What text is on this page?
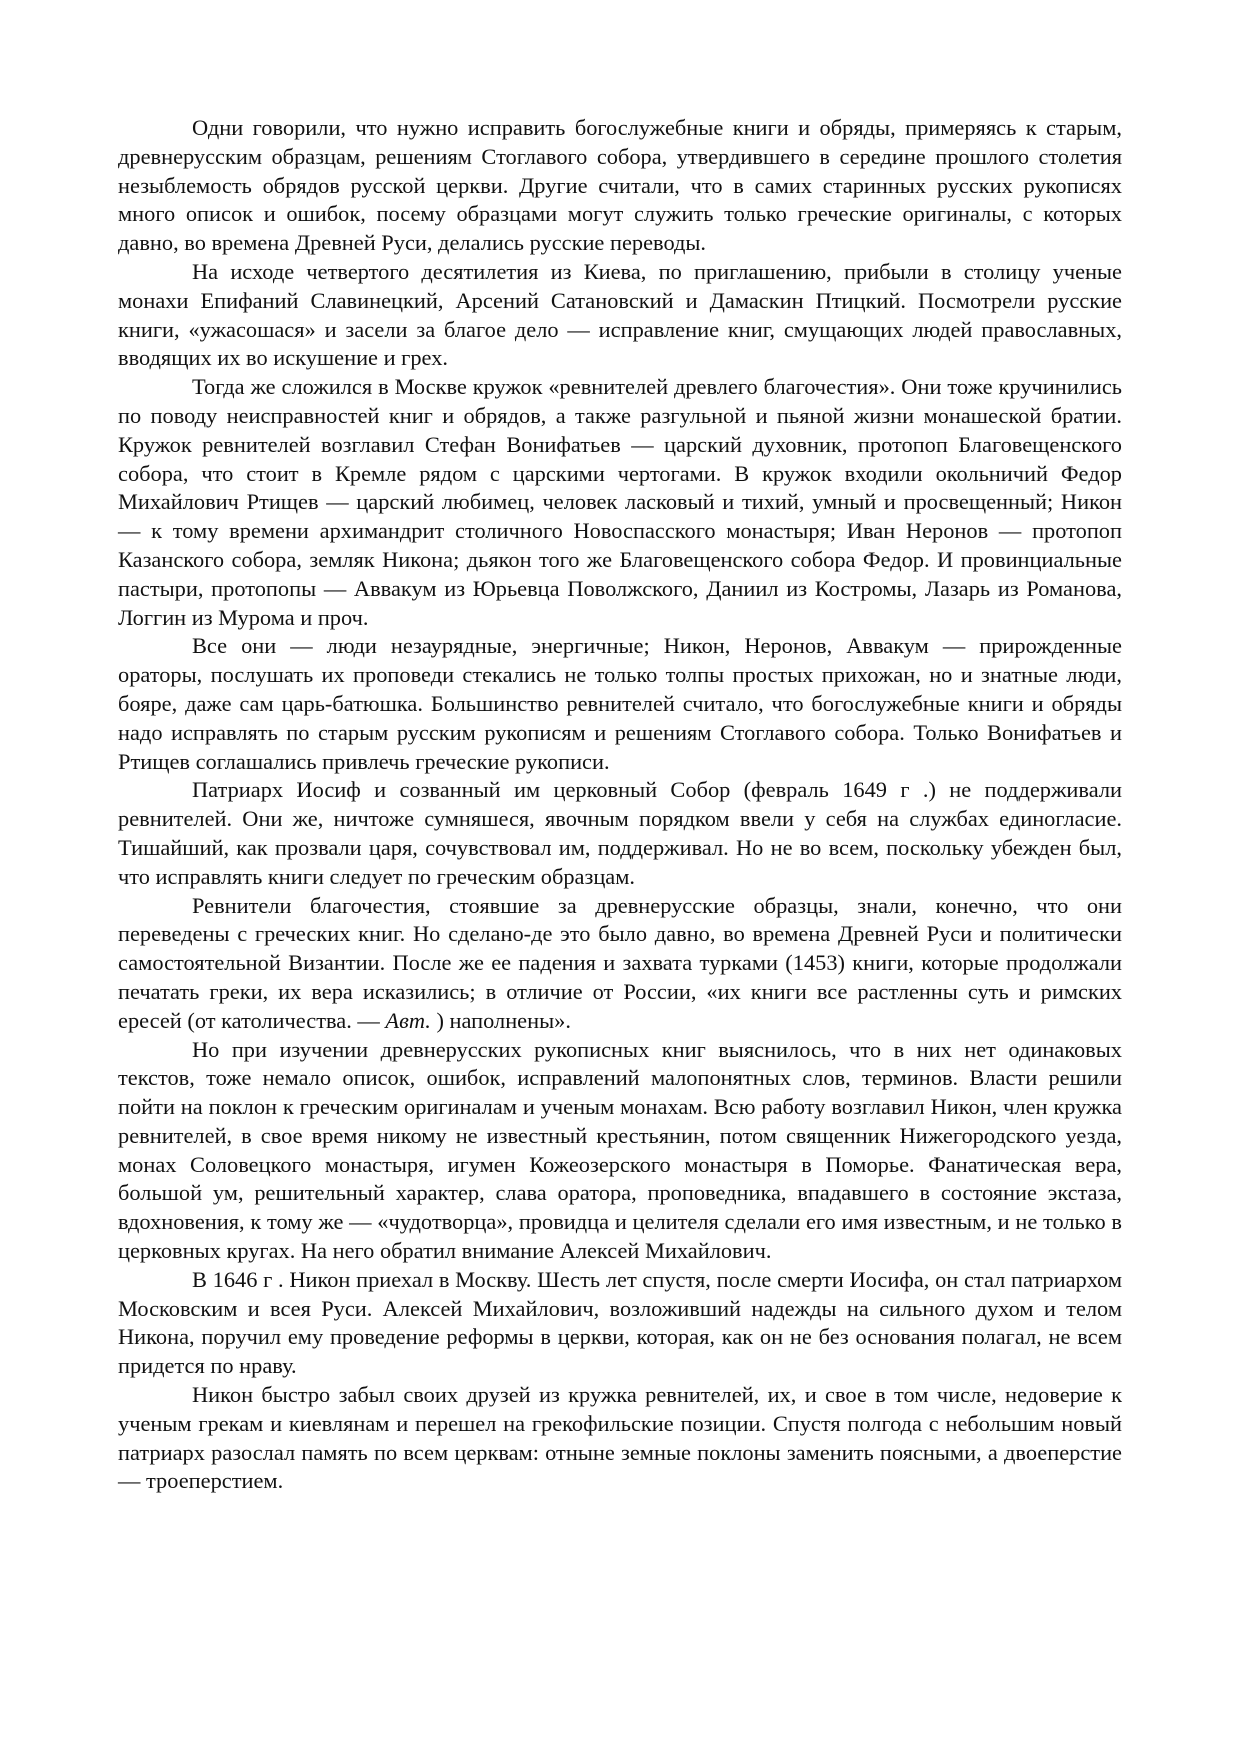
Одни говорили, что нужно исправить богослужебные книги и обряды, примеряясь к старым, древнерусским образцам, решениям Стоглавого собора, утвердившего в середине прошлого столетия незыблемость обрядов русской церкви. Другие считали, что в самих старинных русских рукописях много описок и ошибок, посему образцами могут служить только греческие оригиналы, с которых давно, во времена Древней Руси, делались русские переводы.

На исходе четвертого десятилетия из Киева, по приглашению, прибыли в столицу ученые монахи Епифаний Славинецкий, Арсений Сатановский и Дамаскин Птицкий. Посмотрели русские книги, «ужасошася» и засели за благое дело — исправление книг, смущающих людей православных, вводящих их во искушение и грех.

Тогда же сложился в Москве кружок «ревнителей древлего благочестия». Они тоже кручинились по поводу неисправностей книг и обрядов, а также разгульной и пьяной жизни монашеской братии. Кружок ревнителей возглавил Стефан Вонифатьев — царский духовник, протопоп Благовещенского собора, что стоит в Кремле рядом с царскими чертогами. В кружок входили окольничий Федор Михайлович Ртищев — царский любимец, человек ласковый и тихий, умный и просвещенный; Никон — к тому времени архимандрит столичного Новоспасского монастыря; Иван Неронов — протопоп Казанского собора, земляк Никона; дьякон того же Благовещенского собора Федор. И провинциальные пастыри, протопопы — Аввакум из Юрьевца Поволжского, Даниил из Костромы, Лазарь из Романова, Логгин из Мурома и проч.

Все они — люди незаурядные, энергичные; Никон, Неронов, Аввакум — прирожденные ораторы, послушать их проповеди стекались не только толпы простых прихожан, но и знатные люди, бояре, даже сам царь-батюшка. Большинство ревнителей считало, что богослужебные книги и обряды надо исправлять по старым русским рукописям и решениям Стоглавого собора. Только Вонифатьев и Ртищев соглашались привлечь греческие рукописи.

Патриарх Иосиф и созванный им церковный Собор (февраль 1649 г .) не поддерживали ревнителей. Они же, ничтоже сумняшеся, явочным порядком ввели у себя на службах единогласие. Тишайший, как прозвали царя, сочувствовал им, поддерживал. Но не во всем, поскольку убежден был, что исправлять книги следует по греческим образцам.

Ревнители благочестия, стоявшие за древнерусские образцы, знали, конечно, что они переведены с греческих книг. Но сделано-де это было давно, во времена Древней Руси и политически самостоятельной Византии. После же ее падения и захвата турками (1453) книги, которые продолжали печатать греки, их вера исказились; в отличие от России, «их книги все растленны суть и римских ересей (от католичества. — Авт. ) наполнены».

Но при изучении древнерусских рукописных книг выяснилось, что в них нет одинаковых текстов, тоже немало описок, ошибок, исправлений малопонятных слов, терминов. Власти решили пойти на поклон к греческим оригиналам и ученым монахам. Всю работу возглавил Никон, член кружка ревнителей, в свое время никому не известный крестьянин, потом священник Нижегородского уезда, монах Соловецкого монастыря, игумен Кожеозерского монастыря в Поморье. Фанатическая вера, большой ум, решительный характер, слава оратора, проповедника, впадавшего в состояние экстаза, вдохновения, к тому же — «чудотворца», провидца и целителя сделали его имя известным, и не только в церковных кругах. На него обратил внимание Алексей Михайлович.

В 1646 г . Никон приехал в Москву. Шесть лет спустя, после смерти Иосифа, он стал патриархом Московским и всея Руси. Алексей Михайлович, возложивший надежды на сильного духом и телом Никона, поручил ему проведение реформы в церкви, которая, как он не без основания полагал, не всем придется по нраву.

Никон быстро забыл своих друзей из кружка ревнителей, их, и свое в том числе, недоверие к ученым грекам и киевлянам и перешел на грекофильские позиции. Спустя полгода с небольшим новый патриарх разослал память по всем церквам: отныне земные поклоны заменить поясными, а двоеперстие — троеперстием.
